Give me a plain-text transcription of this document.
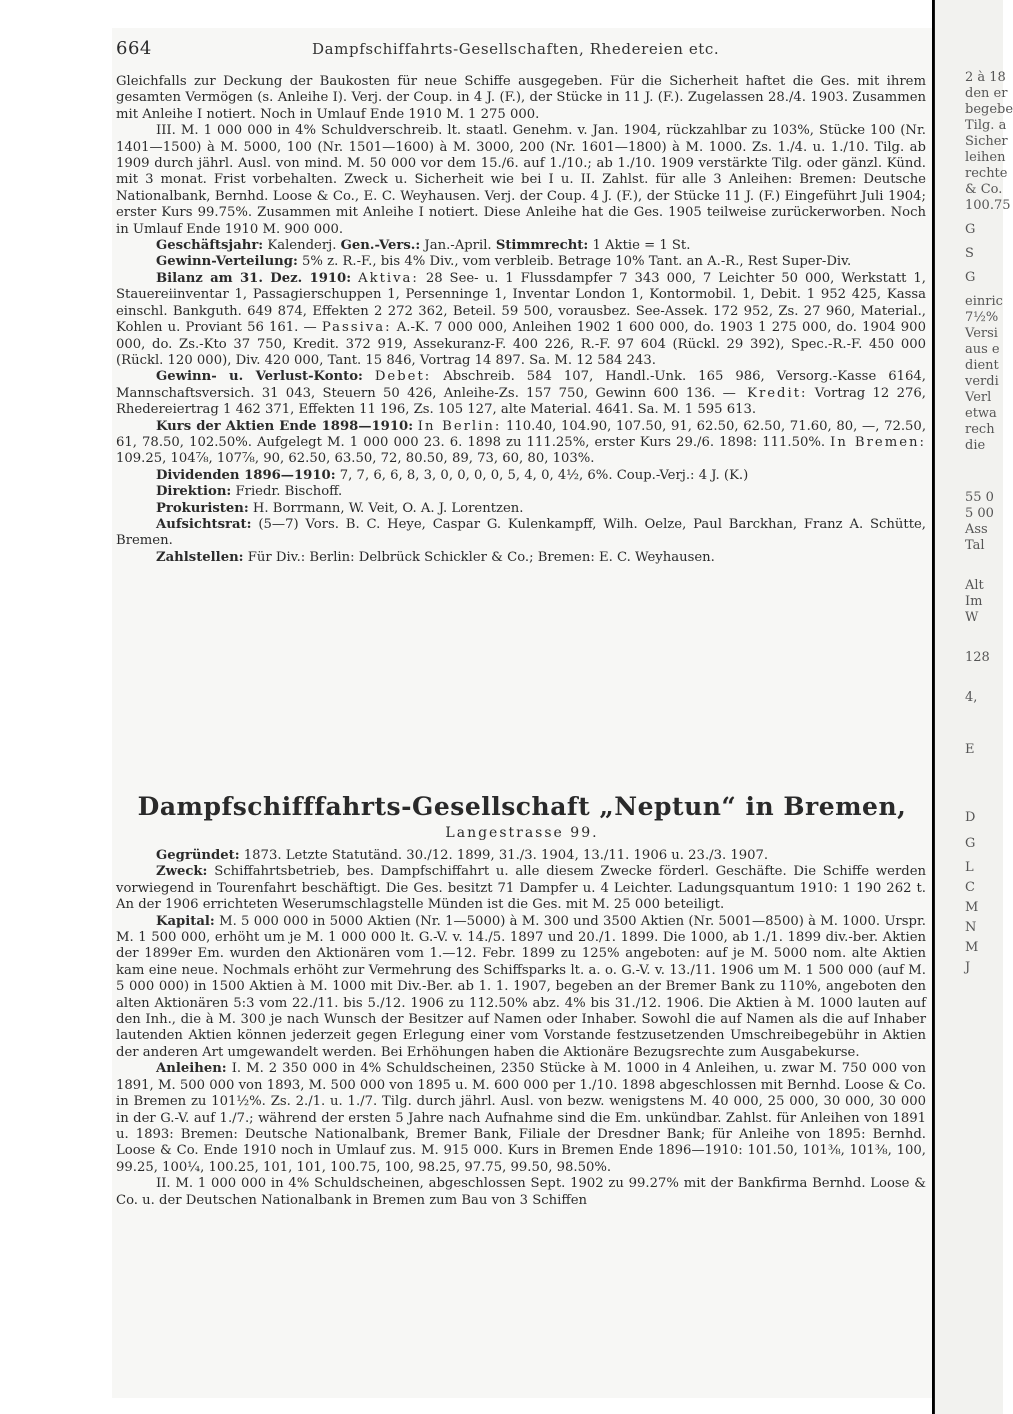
664	Dampfschiffahrts-Gesellschaften, Rhedereien etc.

Gleichfalls zur Deckung der Baukosten für neue Schiffe ausgegeben. Für die Sicherheit haftet die Ges. mit ihrem gesamten Vermögen (s. Anleihe I). Verj. der Coup. in 4 J. (F.), der Stücke in 11 J. (F.). Zugelassen 28./4. 1903. Zusammen mit Anleihe I notiert. Noch in Umlauf Ende 1910 M. 1 275 000.

III. M. 1 000 000 in 4% Schuldverschreib. lt. staatl. Genehm. v. Jan. 1904, rückzahlbar zu 103%, Stücke 100 (Nr. 1401—1500) à M. 5000, 100 (Nr. 1501—1600) à M. 3000, 200 (Nr. 1601—1800) à M. 1000. Zs. 1./4. u. 1./10. Tilg. ab 1909 durch jährl. Ausl. von mind. M. 50 000 vor dem 15./6. auf 1./10.; ab 1./10. 1909 verstärkte Tilg. oder gänzl. Künd. mit 3 monat. Frist vorbehalten. Zweck u. Sicherheit wie bei I u. II. Zahlst. für alle 3 Anleihen: Bremen: Deutsche Nationalbank, Bernhd. Loose & Co., E. C. Weyhausen. Verj. der Coup. 4 J. (F.), der Stücke 11 J. (F.) Eingeführt Juli 1904; erster Kurs 99.75%. Zusammen mit Anleihe I notiert. Diese Anleihe hat die Ges. 1905 teilweise zurückerworben. Noch in Umlauf Ende 1910 M. 900 000.

Geschäftsjahr: Kalenderj. Gen.-Vers.: Jan.-April. Stimmrecht: 1 Aktie = 1 St.

Gewinn-Verteilung: 5% z. R.-F., bis 4% Div., vom verbleib. Betrage 10% Tant. an A.-R., Rest Super-Div.

Bilanz am 31. Dez. 1910: Aktiva: 28 See- u. 1 Flussdampfer 7 343 000, 7 Leichter 50 000, Werkstatt 1, Stauereiinventar 1, Passagierschuppen 1, Persenninge 1, Inventar London 1, Kontormobil. 1, Debit. 1 952 425, Kassa einschl. Bankguth. 649 874, Effekten 2 272 362, Beteil. 59 500, vorausbez. See-Assek. 172 952, Zs. 27 960, Material., Kohlen u. Proviant 56 161. — Passiva: A.-K. 7 000 000, Anleihen 1902 1 600 000, do. 1903 1 275 000, do. 1904 900 000, do. Zs.-Kto 37 750, Kredit. 372 919, Assekuranz-F. 400 226, R.-F. 97 604 (Rückl. 29 392), Spec.-R.-F. 450 000 (Rückl. 120 000), Div. 420 000, Tant. 15 846, Vortrag 14 897. Sa. M. 12 584 243.

Gewinn- u. Verlust-Konto: Debet: Abschreib. 584 107, Handl.-Unk. 165 986, Versorg.-Kasse 6164, Mannschaftsversich. 31 043, Steuern 50 426, Anleihe-Zs. 157 750, Gewinn 600 136. — Kredit: Vortrag 12 276, Rhedereiertrag 1 462 371, Effekten 11 196, Zs. 105 127, alte Material. 4641. Sa. M. 1 595 613.

Kurs der Aktien Ende 1898—1910: In Berlin: 110.40, 104.90, 107.50, 91, 62.50, 62.50, 71.60, 80, —, 72.50, 61, 78.50, 102.50%. Aufgelegt M. 1 000 000 23. 6. 1898 zu 111.25%, erster Kurs 29./6. 1898: 111.50%. In Bremen: 109.25, 104⅞, 107⅞, 90, 62.50, 63.50, 72, 80.50, 89, 73, 60, 80, 103%.

Dividenden 1896—1910: 7, 7, 6, 6, 8, 3, 0, 0, 0, 0, 5, 4, 0, 4½, 6%. Coup.-Verj.: 4 J. (K.)

Direktion: Friedr. Bischoff.

Prokuristen: H. Borrmann, W. Veit, O. A. J. Lorentzen.

Aufsichtsrat: (5—7) Vors. B. C. Heye, Caspar G. Kulenkampff, Wilh. Oelze, Paul Barckhan, Franz A. Schütte, Bremen.

Zahlstellen: Für Div.: Berlin: Delbrück Schickler & Co.; Bremen: E. C. Weyhausen.

Dampfschifffahrts-Gesellschaft „Neptun“ in Bremen,
Langestrasse 99.

Gegründet: 1873. Letzte Statutänd. 30./12. 1899, 31./3. 1904, 13./11. 1906 u. 23./3. 1907.

Zweck: Schiffahrtsbetrieb, bes. Dampfschiffahrt u. alle diesem Zwecke förderl. Geschäfte. Die Schiffe werden vorwiegend in Tourenfahrt beschäftigt. Die Ges. besitzt 71 Dampfer u. 4 Leichter. Ladungsquantum 1910: 1 190 262 t. An der 1906 errichteten Weserumschlagstelle Münden ist die Ges. mit M. 25 000 beteiligt.

Kapital: M. 5 000 000 in 5000 Aktien (Nr. 1—5000) à M. 300 und 3500 Aktien (Nr. 5001—8500) à M. 1000. Urspr. M. 1 500 000, erhöht um je M. 1 000 000 lt. G.-V. v. 14./5. 1897 und 20./1. 1899. Die 1000, ab 1./1. 1899 div.-ber. Aktien der 1899er Em. wurden den Aktionären vom 1.—12. Febr. 1899 zu 125% angeboten: auf je M. 5000 nom. alte Aktien kam eine neue. Nochmals erhöht zur Vermehrung des Schiffsparks lt. a. o. G.-V. v. 13./11. 1906 um M. 1 500 000 (auf M. 5 000 000) in 1500 Aktien à M. 1000 mit Div.-Ber. ab 1. 1. 1907, begeben an der Bremer Bank zu 110%, angeboten den alten Aktionären 5:3 vom 22./11. bis 5./12. 1906 zu 112.50% abz. 4% bis 31./12. 1906. Die Aktien à M. 1000 lauten auf den Inh., die à M. 300 je nach Wunsch der Besitzer auf Namen oder Inhaber. Sowohl die auf Namen als die auf Inhaber lautenden Aktien können jederzeit gegen Erlegung einer vom Vorstande festzusetzenden Umschreibegebühr in Aktien der anderen Art umgewandelt werden. Bei Erhöhungen haben die Aktionäre Bezugsrechte zum Ausgabekurse.

Anleihen: I. M. 2 350 000 in 4% Schuldscheinen, 2350 Stücke à M. 1000 in 4 Anleihen, u. zwar M. 750 000 von 1891, M. 500 000 von 1893, M. 500 000 von 1895 u. M. 600 000 per 1./10. 1898 abgeschlossen mit Bernhd. Loose & Co. in Bremen zu 101½%. Zs. 2./1. u. 1./7. Tilg. durch jährl. Ausl. von bezw. wenigstens M. 40 000, 25 000, 30 000, 30 000 in der G.-V. auf 1./7.; während der ersten 5 Jahre nach Aufnahme sind die Em. unkündbar. Zahlst. für Anleihen von 1891 u. 1893: Bremen: Deutsche Nationalbank, Bremer Bank, Filiale der Dresdner Bank; für Anleihe von 1895: Bernhd. Loose & Co. Ende 1910 noch in Umlauf zus. M. 915 000. Kurs in Bremen Ende 1896—1910: 101.50, 101⅜, 101⅜, 100, 99.25, 100¼, 100.25, 101, 101, 100.75, 100, 98.25, 97.75, 99.50, 98.50%.

II. M. 1 000 000 in 4% Schuldscheinen, abgeschlossen Sept. 1902 zu 99.27% mit der Bankfirma Bernhd. Loose & Co. u. der Deutschen Nationalbank in Bremen zum Bau von 3 Schiffen

2 à 18
den er
begebe
Tilg. a
Sicher
leihen
rechte
& Co.
100.75
G
S
G
einric
7½%
Versi
aus e
dient
verdi
Verl
etwa
rech
die
55 0
5 00
Ass
Tal
Alt
Im
W
128
4,
E
D
G
L
C
M
N
M
J
